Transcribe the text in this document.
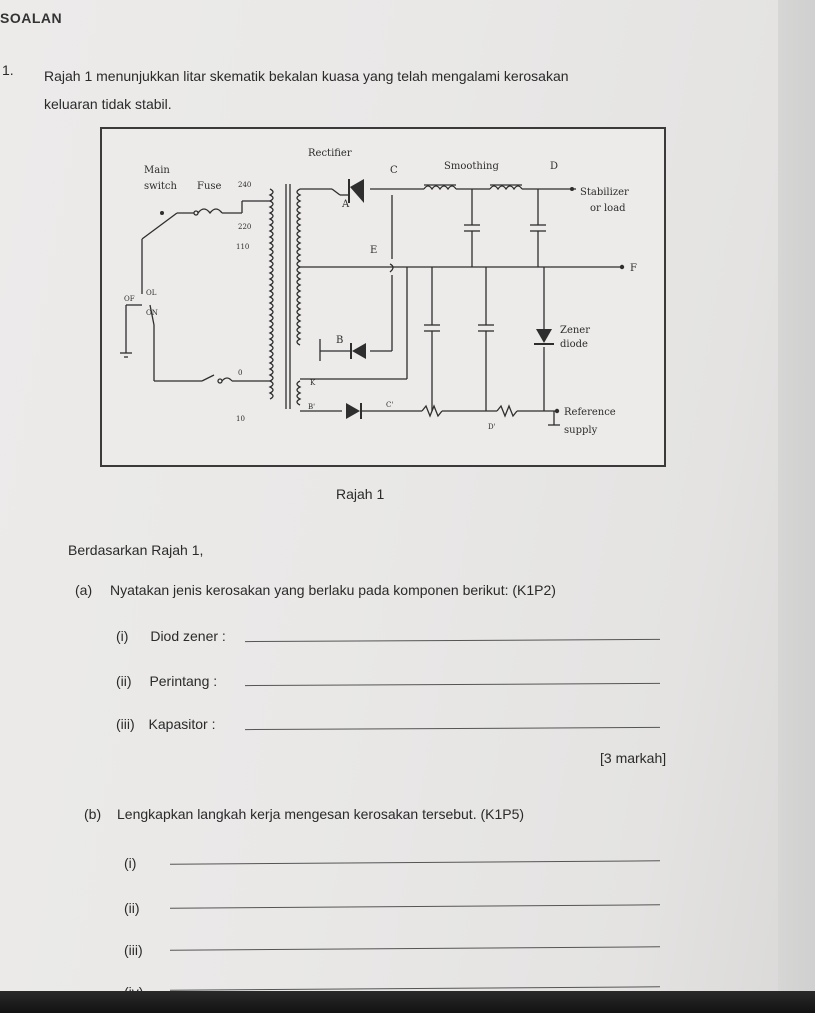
SOALAN
1. Rajah 1 menunjukkan litar skematik bekalan kuasa yang telah mengalami kerosakan
keluaran tidak stabil.
Main
switch Fuse 240
220
110
0
10
Rectifier
C	Smoothing	D
A
B
E
F
Stabilizer
or load
Zener
diode
Reference
supply
OF
OL
ON
K
B'	C'
D'
Rajah 1
Berdasarkan Rajah 1,
(a) Nyatakan jenis kerosakan yang berlaku pada komponen berikut: (K1P2)
(i) Diod zener :
(ii) Perintang :
(iii) Kapasitor :
[3 markah]
(b) Lengkapkan langkah kerja mengesan kerosakan tersebut. (K1P5)
(i)
(ii)
(iii)
